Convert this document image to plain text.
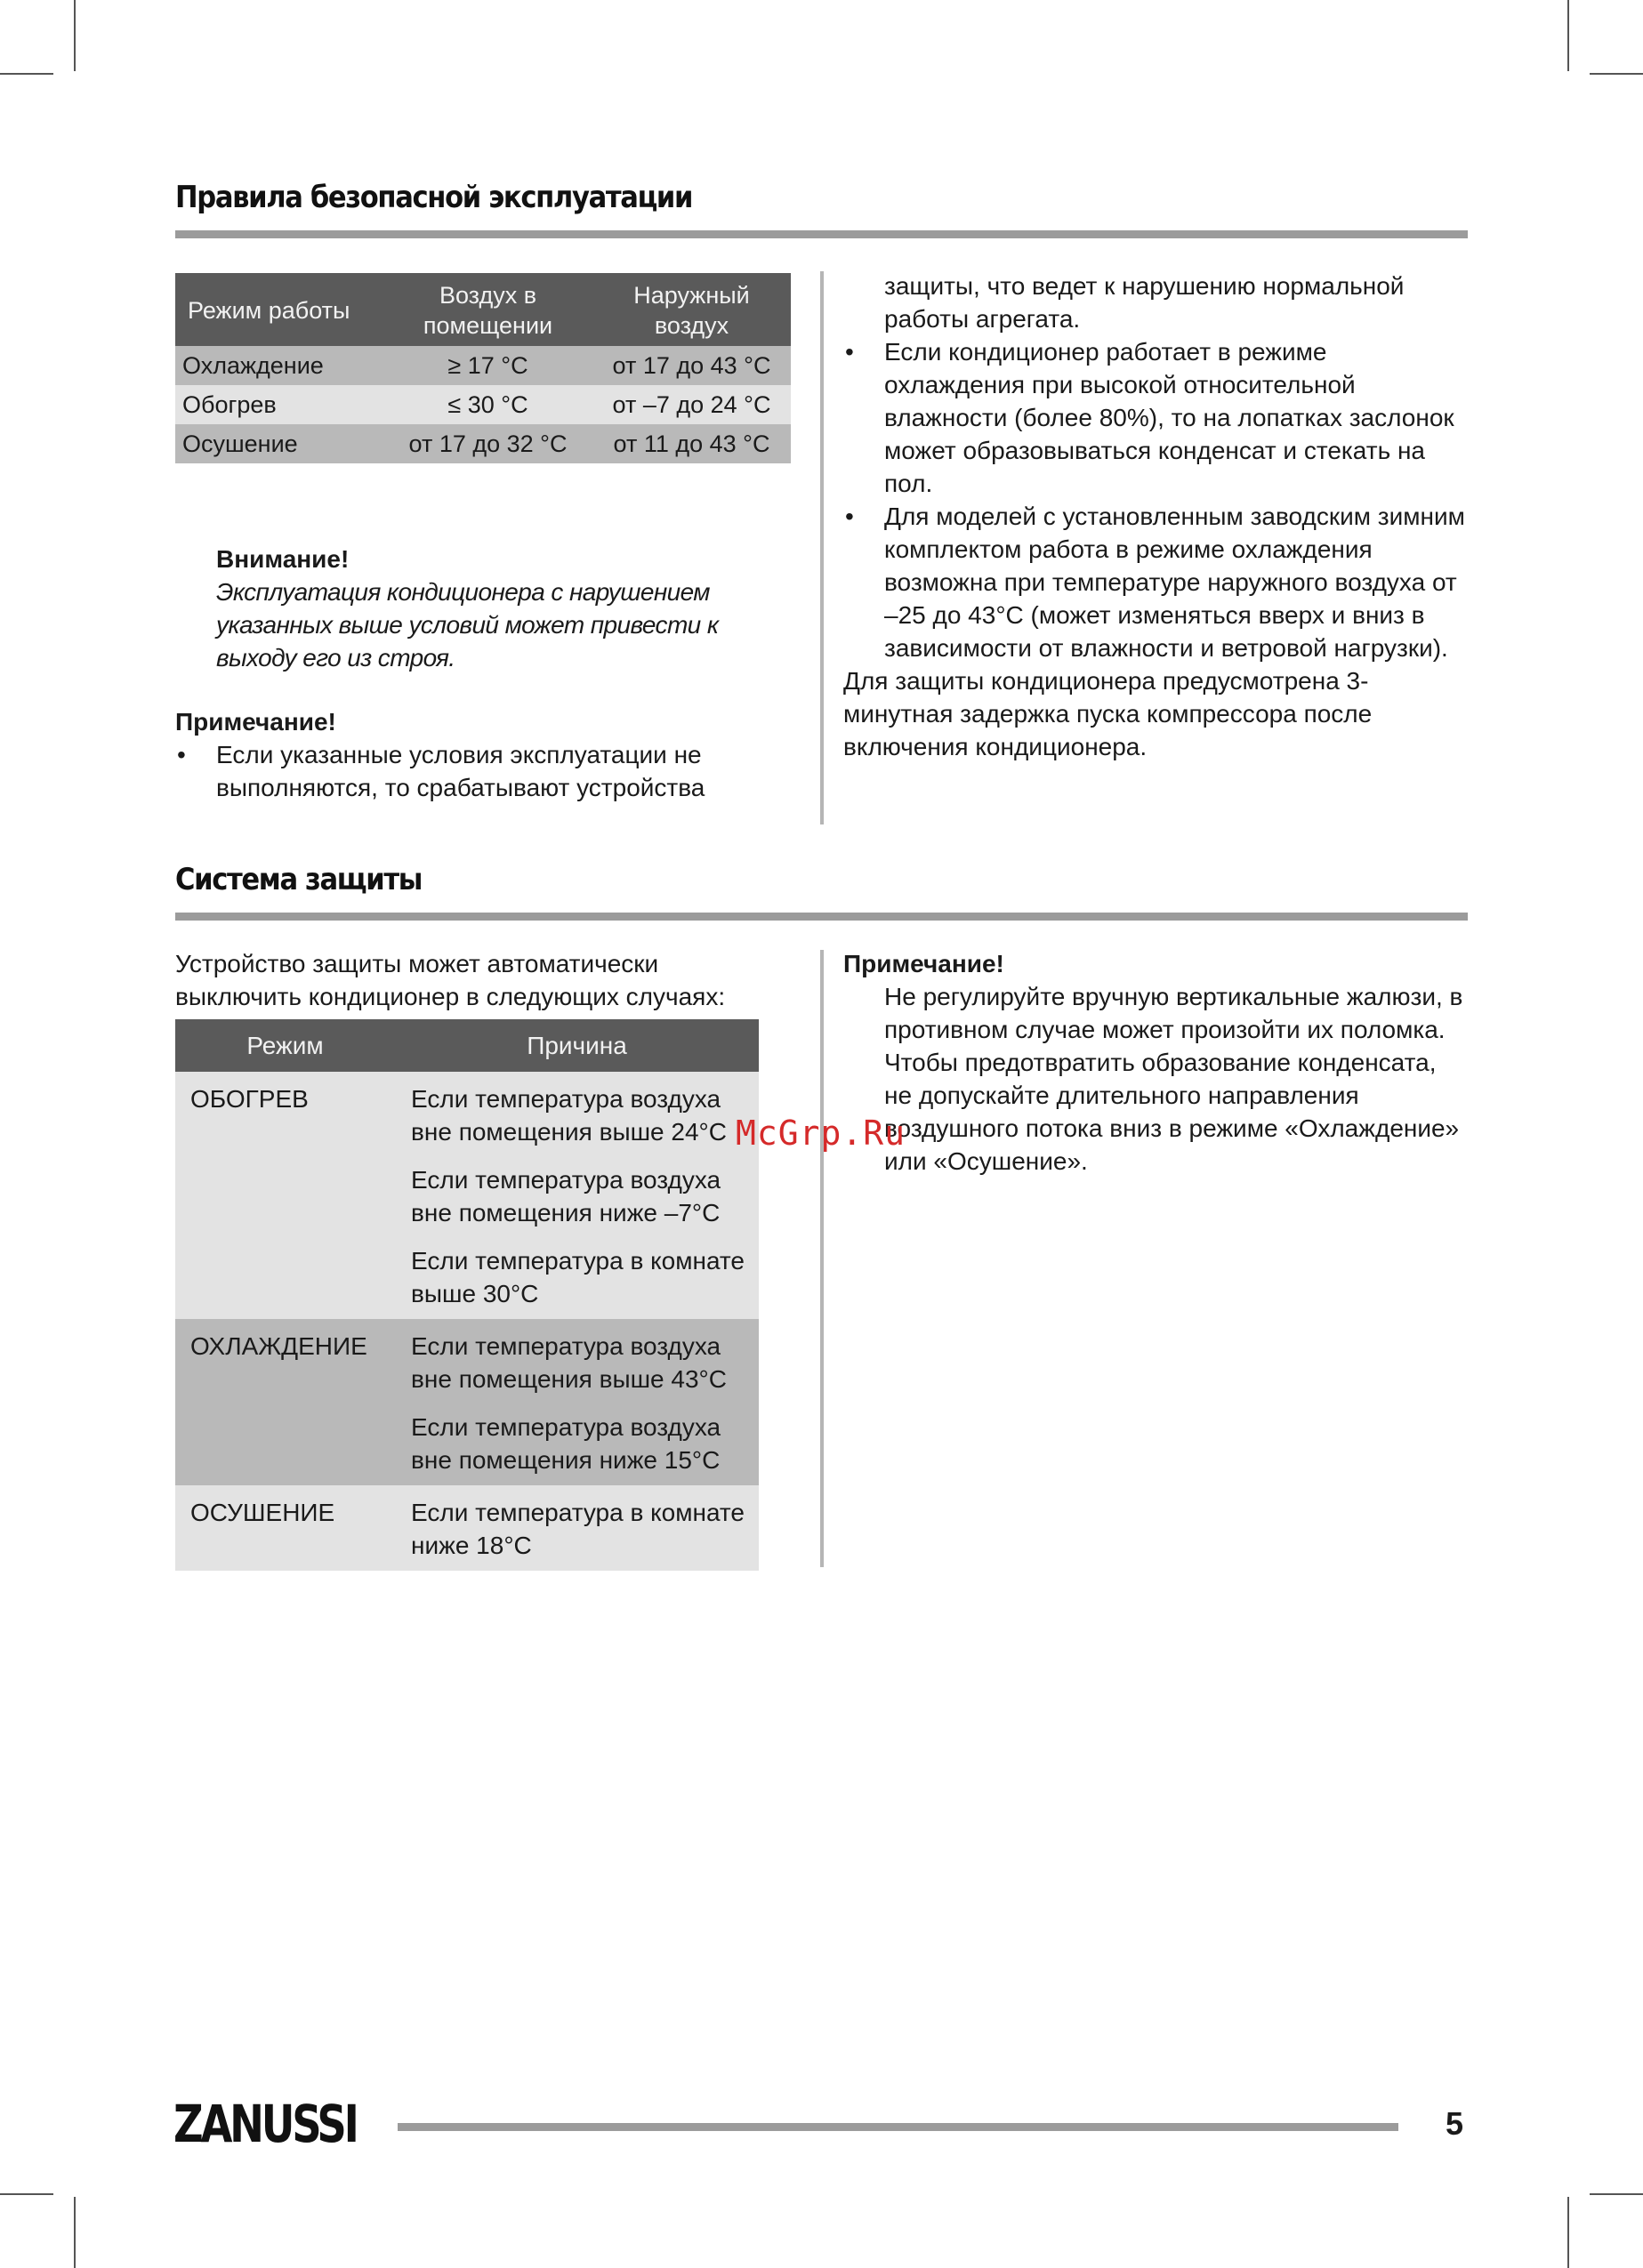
Правила безопасной эксплуатации
Режим работы	Воздух в помещении	Наружный воздух
Охлаждение	≥ 17 °C	от 17 до 43 °C
Обогрев	≤ 30 °C	от –7 до 24 °C
Осушение	от 17 до 32 °C	от 11 до 43 °C
Внимание!
Эксплуатация кондиционера с нарушением указанных выше условий может привести к выходу его из строя.
Примечание!
• Если указанные условия эксплуатации не выполняются, то срабатывают устройства
защиты, что ведет к нарушению нормальной работы агрегата.
• Если кондиционер работает в режиме охлаждения при высокой относительной влажности (более 80%), то на лопатках заслонок может образовываться конденсат и стекать на пол.
• Для моделей с установленным заводским зимним комплектом работа в режиме охлаждения возможна при температуре наружного воздуха от –25 до 43°С (может изменяться вверх и вниз в зависимости от влажности и ветровой нагрузки).
Для защиты кондиционера предусмотрена 3-минутная задержка пуска компрессора после включения кондиционера.
Система защиты
Устройство защиты может автоматически выключить кондиционер в следующих случаях:
Режим	Причина
ОБОГРЕВ	Если температура воздуха вне помещения выше 24°С
Если температура воздуха вне помещения ниже –7°С
Если температура в комнате выше 30°С

ОХЛАЖДЕНИЕ	Если температура воздуха вне помещения выше 43°С
Если температура воздуха вне помещения ниже 15°С

ОСУШЕНИЕ	Если температура в комнате ниже 18°С
Примечание!
Не регулируйте вручную вертикальные жалюзи, в противном случае может произойти их поломка. Чтобы предотвратить образование конденсата, не допускайте длительного направления воздушного потока вниз в режиме «Охлаждение» или «Осушение».
McGrp.Ru
ZANUSSI	5
